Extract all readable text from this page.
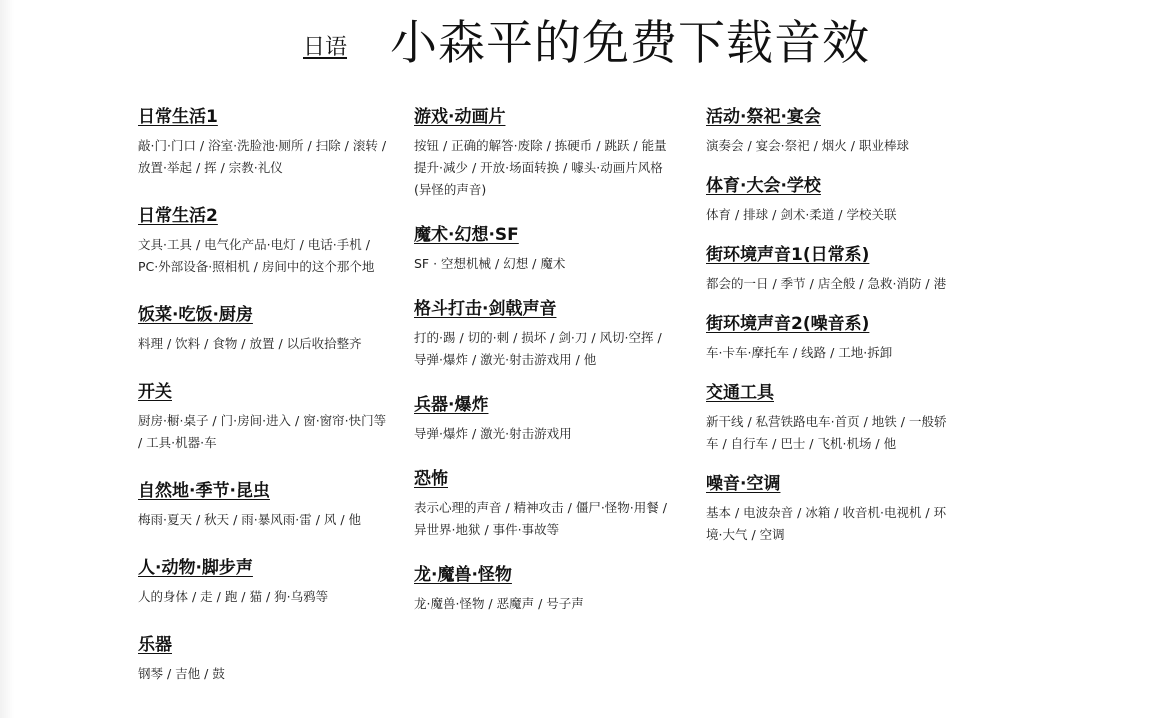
日语 小森平的免费下载音效
日常生活1

敲·门·门口 / 浴室·洗脸池·厕所 / 扫除 / 滚转 / 放置·举起 / 挥 / 宗教·礼仪

日常生活2

文具·工具 / 电气化产品·电灯 / 电话·手机 / PC·外部设备·照相机 / 房间中的这个那个地

饭菜·吃饭·厨房

料理 / 饮料 / 食物 / 放置 / 以后收拾整齐

开关

厨房·橱·桌子 / 门·房间·进入 / 窗·窗帘·快门等 / 工具·机器·车

自然地·季节·昆虫

梅雨·夏天 / 秋天 / 雨·暴风雨·雷 / 风 / 他

人·动物·脚步声

人的身体 / 走 / 跑 / 猫 / 狗·乌鸦等

乐器

钢琴 / 吉他 / 鼓

游戏·动画片

按钮 / 正确的解答·废除 / 拣硬币 / 跳跃 / 能量提升·减少 / 开放·场面转换 / 噱头·动画片风格(异怪的声音)

魔术·幻想·SF

SF · 空想机械 / 幻想 / 魔术

格斗打击·剑戟声音

打的·踢 / 切的·刺 / 损坏 / 剑·刀 / 风切·空挥 / 导弹·爆炸 / 激光·射击游戏用 / 他

兵器·爆炸

导弹·爆炸 / 激光·射击游戏用

恐怖

表示心理的声音 / 精神攻击 / 僵尸·怪物·用餐 / 异世界·地狱 / 事件·事故等

龙·魔兽·怪物

龙·魔兽·怪物 / 恶魔声 / 号子声

活动·祭祀·宴会

演奏会 / 宴会·祭祀 / 烟火 / 职业棒球

体育·大会·学校

体育 / 排球 / 剑术·柔道 / 学校关联

街环境声音1(日常系)

都会的一日 / 季节 / 店全般 / 急救·消防 / 港

街环境声音2(噪音系)

车·卡车·摩托车 / 线路 / 工地·拆卸

交通工具

新干线 / 私营铁路电车·首页 / 地铁 / 一般轿车 / 自行车 / 巴士 / 飞机·机场 / 他

噪音·空调

基本 / 电波杂音 / 冰箱 / 收音机·电视机 / 环境·大气 / 空调
